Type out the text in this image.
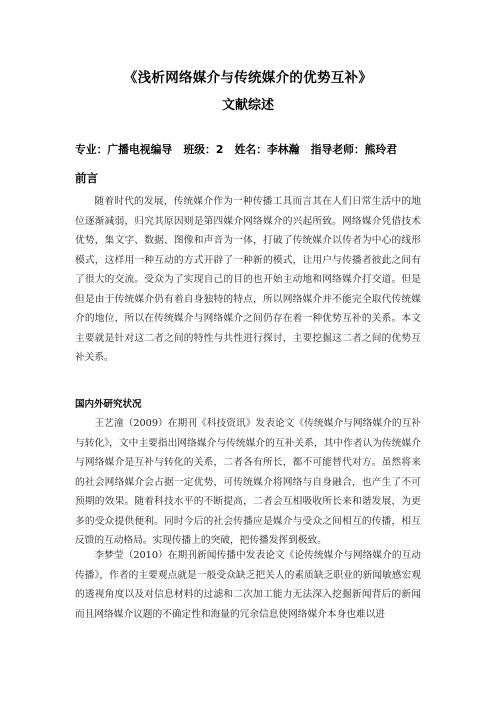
《浅析网络媒介与传统媒介的优势互补》
文献综述
专业：广播电视编导 班级：2 姓名：李林瀚 指导老师：熊玲君
前言

随着时代的发展，传统媒介作为一种传播工具而言其在人们日常生活中的地位逐渐减弱，归究其原因则是第四媒介网络媒介的兴起所致。网络媒介凭借技术优势，集文字、数据、图像和声音为一体，打破了传统媒介以传者为中心的线形模式，这样用一种互动的方式开辟了一种新的模式，让用户与传播者彼此之间有了很大的交流。受众为了实现自己的目的也开始主动地和网络媒介打交道。但是但是由于传统媒介仍有着自身独特的特点，所以网络媒介并不能完全取代传统媒介的地位，所以在传统媒介与网络媒介之间仍存在着一种优势互补的关系。本文主要就是针对这二者之间的特性与共性进行探讨，主要挖掘这二者之间的优势互补关系。

国内外研究状况

王艺潼（2009）在期刊《科技资讯》发表论文《传统媒介与网络媒介的互补与转化》，文中主要指出网络媒介与传统媒介的互补关系，其中作者认为传统媒介与网络媒介是互补与转化的关系，二者各有所长，都不可能替代对方。虽然将来的社会网络媒介会占据一定优势，可传统媒介将网络与自身融合，也产生了不可预期的效果。随着科技水平的不断提高，二者会互相吸收所长来和谐发展，为更多的受众提供便利。同时今后的社会传播应是媒介与受众之间相互的传播，相互反馈的互动格局。实现传播上的突破，把传播发挥到极致。

李梦莹（2010）在期刊新闻传播中发表论文《论传统媒介与网络媒介的互动传播》，作者的主要观点就是一般受众缺乏把关人的素质缺乏职业的新闻敏感宏观的透视角度以及对信息材料的过滤和二次加工能力无法深入挖掘新闻背后的新闻而且网络媒介议题的不确定性和海量的冗余信息使网络媒介本身也难以进
